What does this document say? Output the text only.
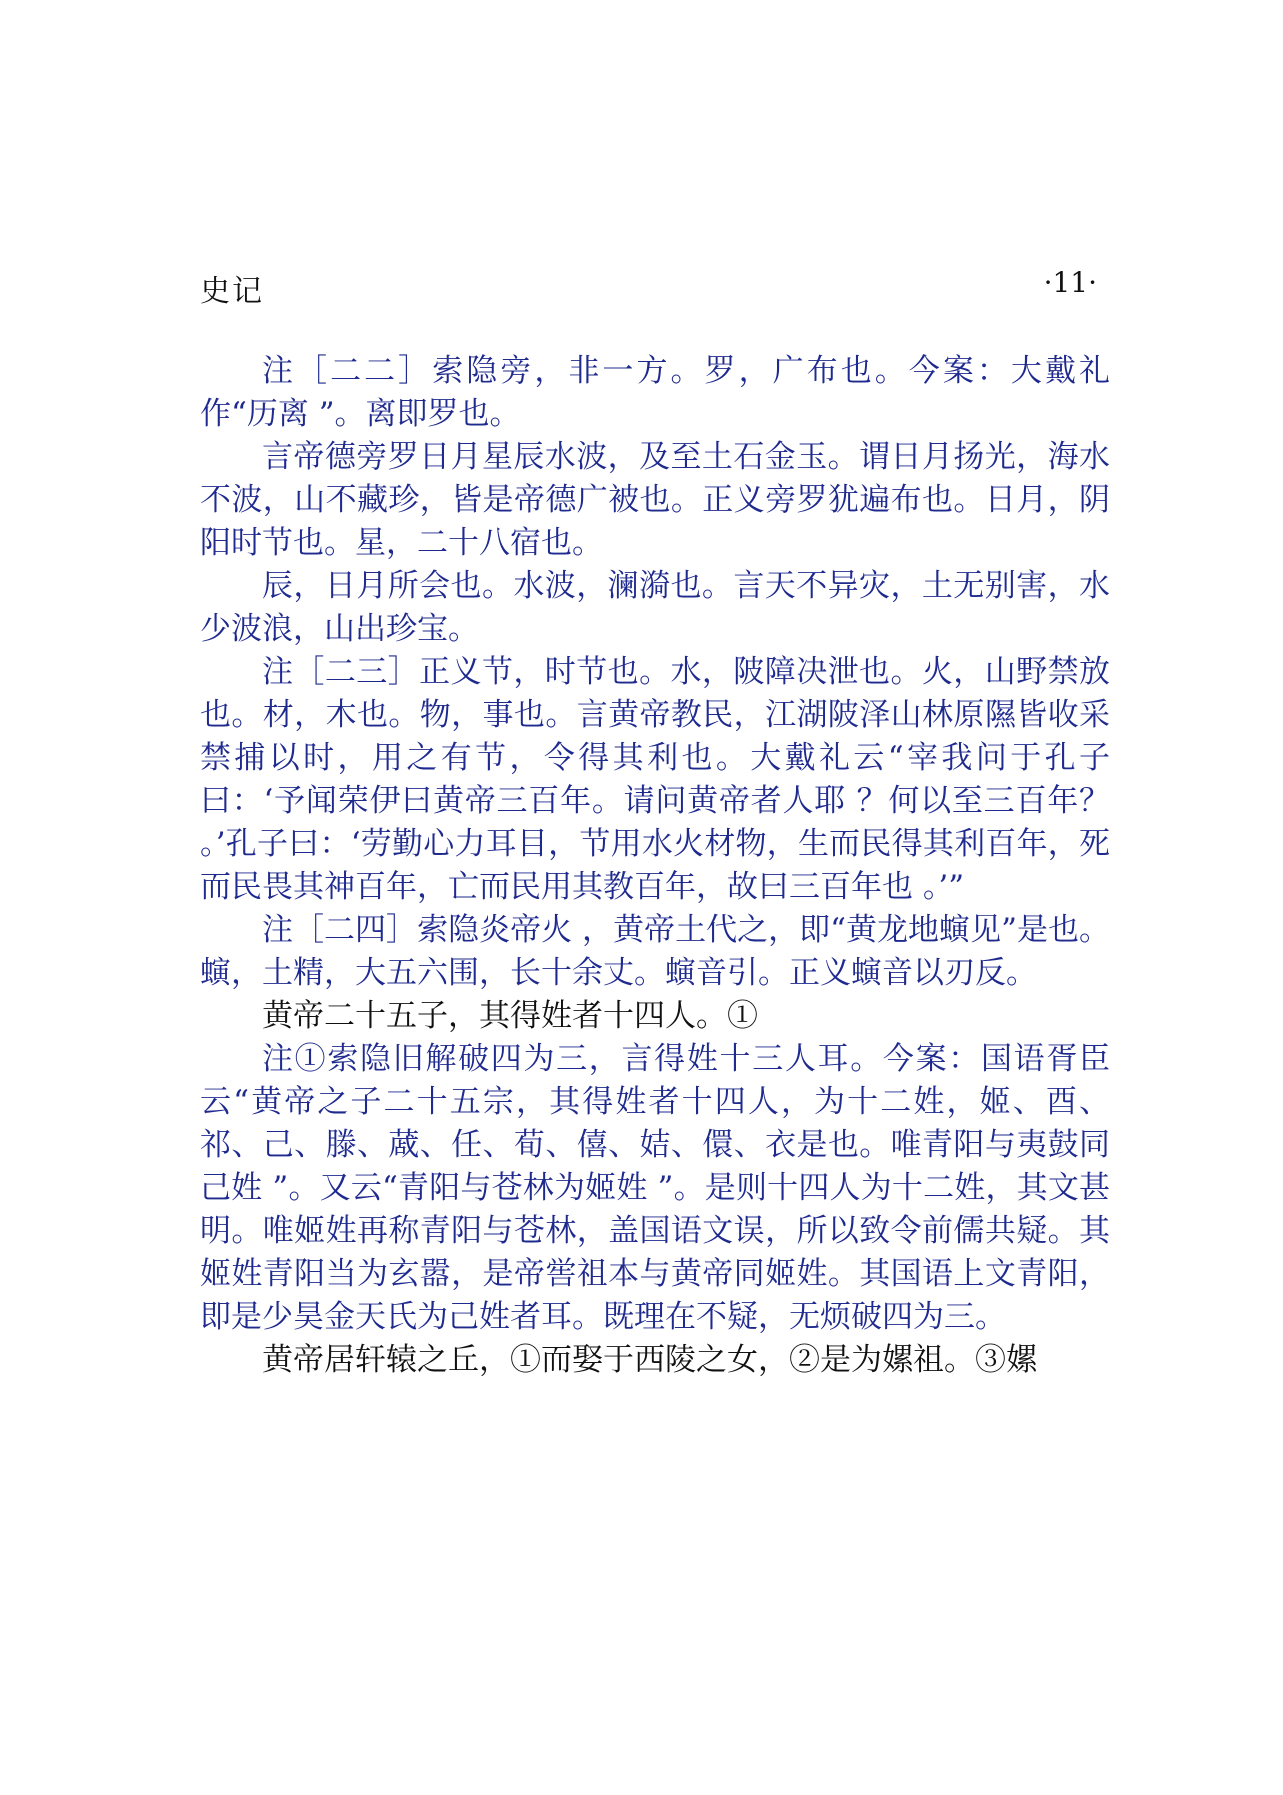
史记	·11·

注［二二］索隐旁，非一方。罗，广布也。今案：大戴礼作“历离 ”。离即罗也。

言帝德旁罗日月星辰水波，及至土石金玉。谓日月扬光，海水不波，山不藏珍，皆是帝德广被也。正义旁罗犹遍布也。日月，阴阳时节也。星，二十八宿也。

辰，日月所会也。水波，澜漪也。言天不异灾，土无别害，水少波浪，山出珍宝。

注［二三］正义节，时节也。水，陂障决泄也。火，山野禁放也。材，木也。物，事也。言黄帝教民，江湖陂泽山林原隰皆收采禁捕以时，用之有节，令得其利也。大戴礼云“宰我问于孔子曰：‘予闻荣伊曰黄帝三百年。请问黄帝者人耶 ？何以至三百年？ 。’孔子曰：‘劳勤心力耳目，节用水火材物，生而民得其利百年，死而民畏其神百年，亡而民用其教百年，故曰三百年也 。’”

注［二四］索隐炎帝火 ，黄帝土代之，即“黄龙地螾见”是也。螾，土精，大五六围，长十余丈。螾音引。正义螾音以刃反。

黄帝二十五子，其得姓者十四人。①

注①索隐旧解破四为三，言得姓十三人耳。今案：国语胥臣云“黄帝之子二十五宗，其得姓者十四人，为十二姓，姬、酉、祁、己、滕、蒧、任、荀、僖、姞、儇、衣是也。唯青阳与夷鼓同己姓 ”。又云“青阳与苍林为姬姓 ”。是则十四人为十二姓，其文甚明。唯姬姓再称青阳与苍林，盖国语文误，所以致令前儒共疑。其姬姓青阳当为玄嚣，是帝喾祖本与黄帝同姬姓。其国语上文青阳，即是少昊金天氏为己姓者耳。既理在不疑，无烦破四为三。

黄帝居轩辕之丘，①而娶于西陵之女，②是为嫘祖。③嫘
